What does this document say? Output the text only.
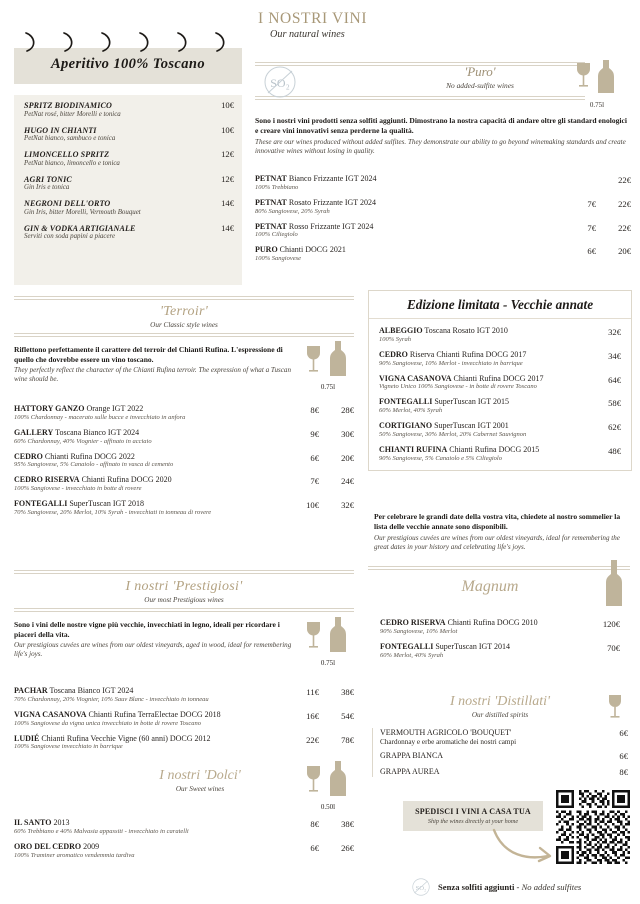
Aperitivo 100% Toscano
SPRITZ BIODINAMICO	10€
PetNat rosé, bitter Morelli e tonica
HUGO IN CHIANTI	10€
PetNat bianco, sambuco e tonica
LIMONCELLO SPRITZ	12€
PetNat bianco, limoncello e tonica
AGRI TONIC	12€
Gin Iris e tonica
NEGRONI DELL'ORTO	14€
Gin Iris, bitter Morelli, Vermouth Bouquet
GIN & VODKA ARTIGIANALE	14€
Serviti con soda papini a piacere
I NOSTRI VINI
Our natural wines
SO₂
'Puro'
No added-sulfite wines
0.75l
Sono i nostri vini prodotti senza solfiti aggiunti. Dimostrano la nostra capacità di andare oltre gli standard enologici e creare vini innovativi senza perderne la qualità.
These are our wines produced without added sulfites. They demonstrate our ability to go beyond winemaking standards and create innovative wines without losing in quality.
PETNAT Bianco Frizzante IGT 2024
100% Trebbiano
22€
PETNAT Rosato Frizzante IGT 2024
80% Sangiovese, 20% Syrah
7€	22€
PETNAT Rosso Frizzante IGT 2024
100% Ciliegiolo
7€	22€
PURO Chianti DOCG 2021
100% Sangiovese
6€	20€
'Terroir'
Our Classic style wines
Riflettono perfettamente il carattere del terroir del Chianti Rufina. L'espressione di quello che dovrebbe essere un vino toscano.
They perfectly reflect the character of the Chianti Rufina terroir. The expression of what a Tuscan wine should be.
0.75l
HATTORY GANZO Orange IGT 2022
100% Chardonnay - macerato sulle bucce e invecchiato in anfora
8€	28€
GALLERY Toscana Bianco IGT 2024
60% Chardonnay, 40% Viognier - affinato in acciaio
9€	30€
CEDRO Chianti Rufina DOCG 2022
95% Sangiovese, 5% Canaiolo - affinato in vasca di cemento
6€	20€
CEDRO RISERVA Chianti Rufina DOCG 2020
100% Sangiovese - invecchiato in botte di rovere
7€	24€
FONTEGALLI SuperTuscan IGT 2018
70% Sangiovese, 20% Merlot, 10% Syrah - invecchiati in tonneau di rovere
10€	32€
Edizione limitata - Vecchie annate
ALBEGGIO Toscana Rosato IGT 2010
100% Syrah
32€
CEDRO Riserva Chianti Rufina DOCG 2017
90% Sangiovese, 10% Merlot - invecchiato in barrique
34€
VIGNA CASANOVA Chianti Rufina DOCG 2017
Vigneto Unico 100% Sangiovese - in botte di rovere Toscano
64€
FONTEGALLI SuperTuscan IGT 2015
60% Merlot, 40% Syrah
58€
CORTIGIANO SuperTuscan IGT 2001
50% Sangiovese, 30% Merlot, 20% Cabernet Sauvignon
62€
CHIANTI RUFINA Chianti Rufina DOCG 2015
90% Sangiovese, 5% Canaiolo e 5% Ciliegiolo
48€
Per celebrare le grandi date della vostra vita, chiedete al nostro sommelier la lista delle vecchie annate sono disponibili.
Our prestigious cuvées are wines from our oldest vineyards, ideal for remembering the great dates in your history and celebrating life's joys.
I nostri 'Prestigiosi'
Our most Prestigious wines
Sono i vini delle nostre vigne più vecchie, invecchiati in legno, ideali per ricordare i piaceri della vita.
Our prestigious cuvées are wines from our oldest vineyards, aged in wood, ideal for remembering life's joys.
0.75l
PACHAR Toscana Bianco IGT 2024
70% Chardonnay, 20% Viognier, 10% Sauv Blanc - invecchiato in tonneau
11€	38€
VIGNA CASANOVA Chianti Rufina TerraElectae DOCG 2018
100% Sangiovese da vigna unica invecchiato in botte di rovere Toscano
16€	54€
LUDIÉ Chianti Rufina Vecchie Vigne (60 anni) DOCG 2012
100% Sangiovese invecchiato in barrique
22€	78€
I nostri 'Dolci'
Our Sweet wines
0.50l
IL SANTO 2013
60% Trebbiano e 40% Malvasia appassiti - invecchiato in caratelli
8€	38€
ORO DEL CEDRO 2009
100% Traminer aromatico vendemmia tardiva
6€	26€
Magnum
CEDRO RISERVA Chianti Rufina DOCG 2010
90% Sangiovese, 10% Merlot
120€
FONTEGALLI SuperTuscan IGT 2014
60% Merlot, 40% Syrah
70€
I nostri 'Distillati'
Our distilled spirits
VERMOUTH AGRICOLO 'BOUQUET'
Chardonnay e erbe aromatiche dei nostri campi
6€
GRAPPA BIANCA	6€
GRAPPA AUREA	8€
SPEDISCI I VINI A CASA TUA
Ship the wines directly at your home
SO₂ Senza solfiti aggiunti - No added sulfites
